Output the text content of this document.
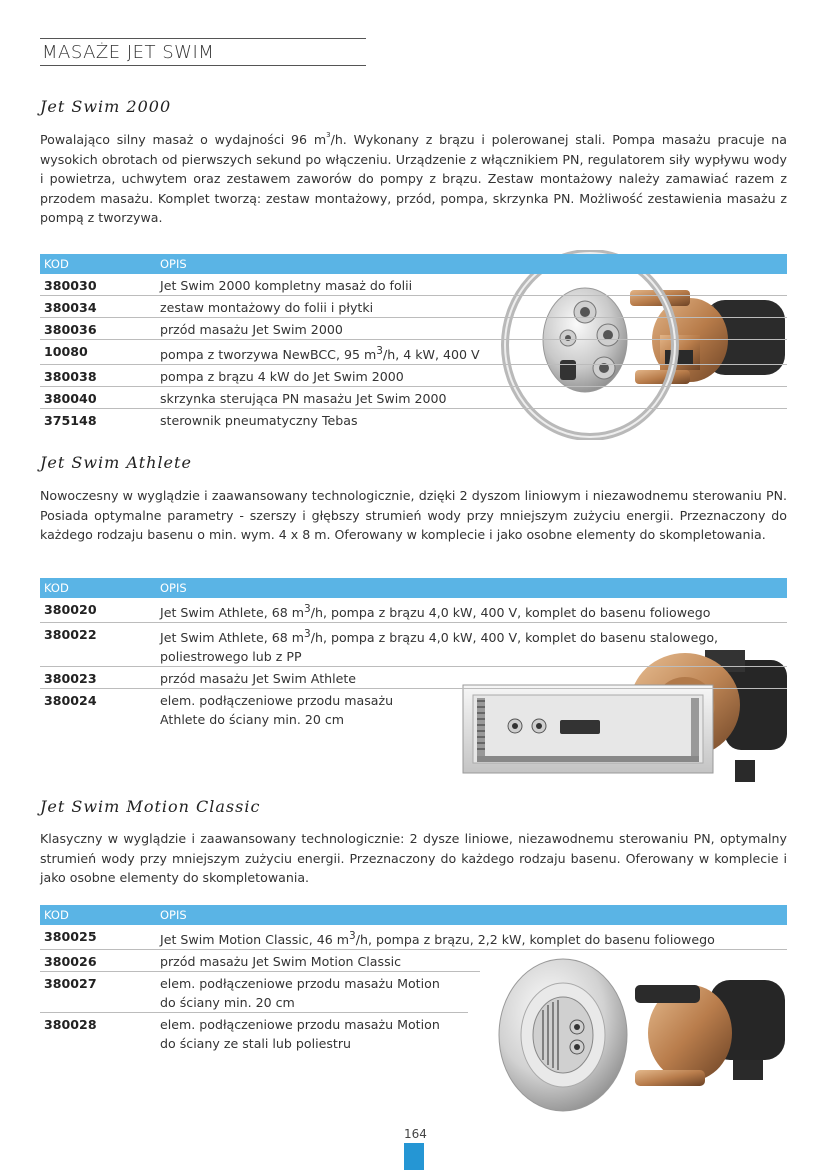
MASAŻE JET SWIM
Jet Swim 2000
Powalająco silny masaż o wydajności 96 $m^3/h$. Wykonany z brązu i polerowanej stali. Pompa masażu pracuje na wysokich obrotach od pierwszych sekund po włączeniu. Urządzenie z włącznikiem PN, regulatorem siły wypływu wody i powietrza, uchwytem oraz zestawem zaworów do pompy z brązu. Zestaw montażowy należy zamawiać razem z przodem masażu. Komplet tworzą: zestaw montażowy, przód, pompa, skrzynka PN. Możliwość zestawienia masażu z pompą z tworzywa.
KOD	OPIS
380030	Jet Swim 2000 kompletny masaż do folii
380034	zestaw montażowy do folii i płytki
380036	przód masażu Jet Swim 2000
10080	pompa z tworzywa NewBCC, 95 $m^3/h$, 4 kW, 400 V
380038	pompa z brązu 4 kW do Jet Swim 2000
380040	skrzynka sterująca PN masażu Jet Swim 2000
375148	sterownik pneumatyczny Tebas
Jet Swim Athlete
Nowoczesny w wyglądzie i zaawansowany technologicznie, dzięki 2 dyszom liniowym i niezawodnemu sterowaniu PN. Posiada optymalne parametry - szerszy i głębszy strumień wody przy mniejszym zużyciu energii. Przeznaczony do każdego rodzaju basenu o min. wym. 4 x 8 m. Oferowany w komplecie i jako osobne elementy do skompletowania.
KOD	OPIS
380020	Jet Swim Athlete, 68 $m^3/h$, pompa z brązu 4,0 kW, 400 V, komplet do basenu foliowego
380022	Jet Swim Athlete, 68 $m^3/h$, pompa z brązu 4,0 kW, 400 V, komplet do basenu stalowego,
poliestrowego lub z PP
380023	przód masażu Jet Swim Athlete
380024	elem. podłączeniowe przodu masażu
Athlete do ściany min. 20 cm
Jet Swim Motion Classic
Klasyczny w wyglądzie i zaawansowany technologicznie: 2 dysze liniowe, niezawodnemu sterowaniu PN, optymalny strumień wody przy mniejszym zużyciu energii. Przeznaczony do każdego rodzaju basenu. Oferowany w komplecie i jako osobne elementy do skompletowania.
KOD	OPIS
380025	Jet Swim Motion Classic, 46 $m^3/h$, pompa z brązu, 2,2 kW, komplet do basenu foliowego
380026	przód masażu Jet Swim Motion Classic
380027	elem. podłączeniowe przodu masażu Motion
do ściany min. 20 cm
380028	elem. podłączeniowe przodu masażu Motion
do ściany ze stali lub poliestru
164
